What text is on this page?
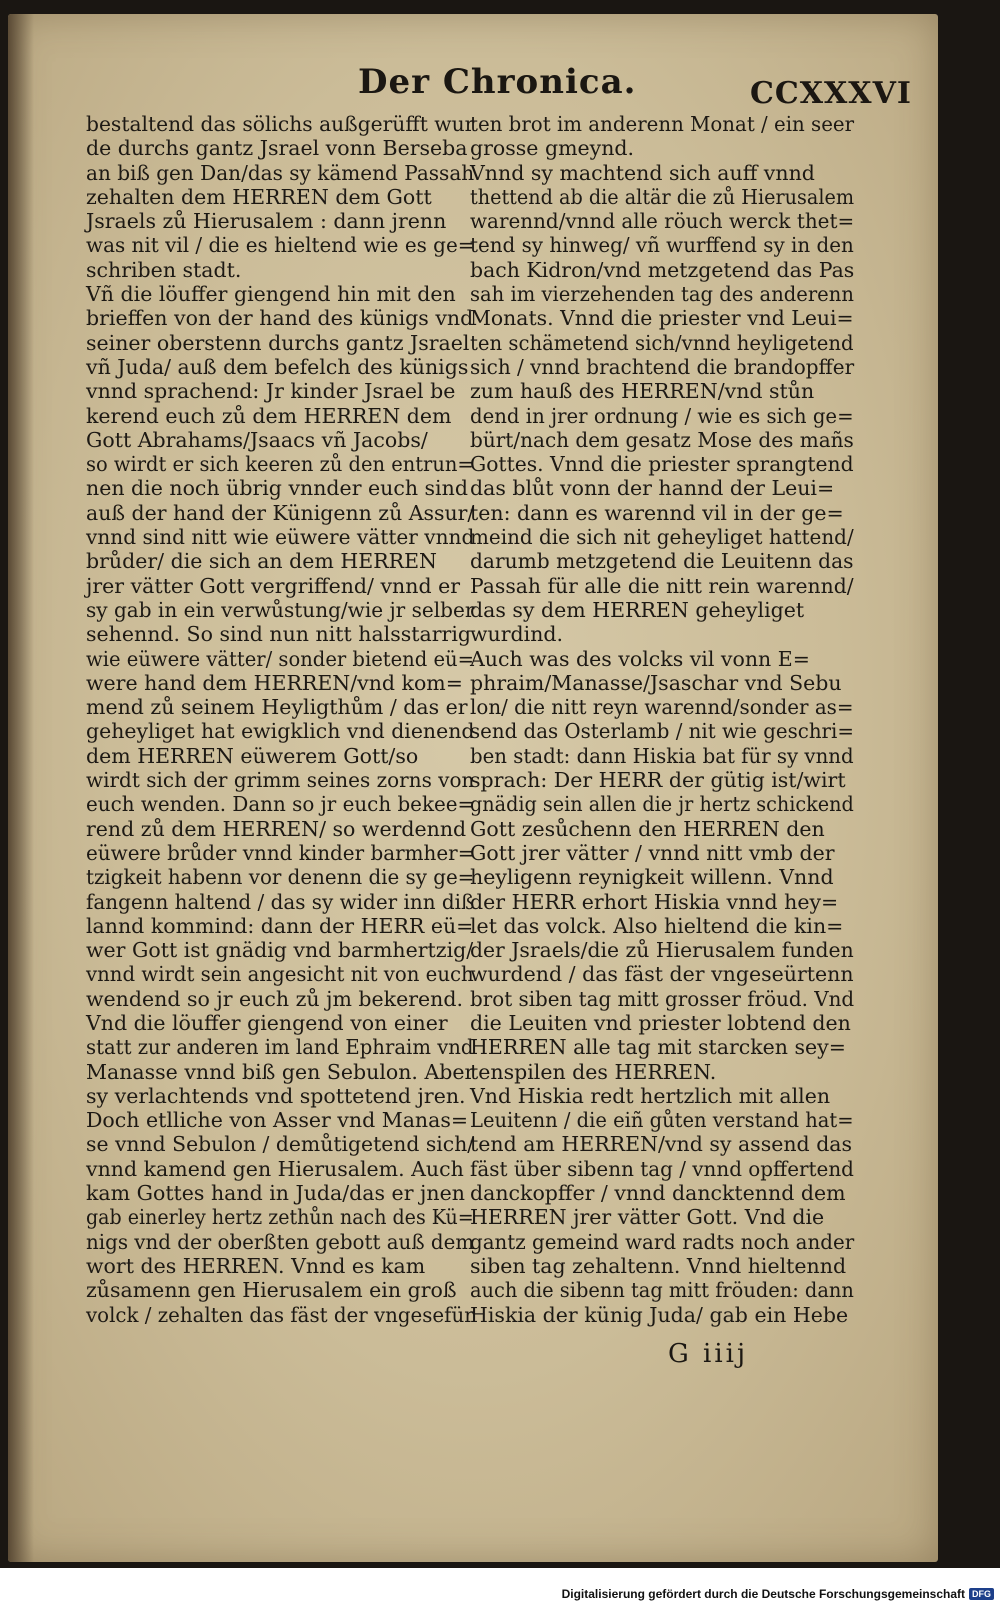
Der Chronica.	CCXXXVI
bestaltend das sölichs außgerüfft wur
de durchs gantz Jsrael vonn Berseba
an biß gen Dan/das sy kämend Passah
zehalten dem HERREN dem Gott
Jsraels zů Hierusalem : dann jrenn
was nit vil / die es hieltend wie es ge=
schriben stadt.
Vñ die löuffer giengend hin mit den
brieffen von der hand des künigs vnd
seiner oberstenn durchs gantz Jsrael
vñ Juda/ auß dem befelch des künigs
vnnd sprachend: Jr kinder Jsrael be
kerend euch zů dem HERREN dem
Gott Abrahams/Jsaacs vñ Jacobs/
so wirdt er sich keeren zů den entrun=
nen die noch übrig vnnder euch sind
auß der hand der Künigenn zů Assur/
vnnd sind nitt wie eüwere vätter vnnd
brůder/ die sich an dem HERREN
jrer vätter Gott vergriffend/ vnnd er
sy gab in ein verwůstung/wie jr selber
sehennd. So sind nun nitt halsstarrig
wie eüwere vätter/ sonder bietend eü=
were hand dem HERREN/vnd kom=
mend zů seinem Heyligthům / das er
geheyliget hat ewigklich vnd dienend
dem HERREN eüwerem Gott/so
wirdt sich der grimm seines zorns von
euch wenden. Dann so jr euch bekee=
rend zů dem HERREN/ so werdennd
eüwere brůder vnnd kinder barmher=
tzigkeit habenn vor denenn die sy ge=
fangenn haltend / das sy wider inn diß
lannd kommind: dann der HERR eü=
wer Gott ist gnädig vnd barmhertzig/
vnnd wirdt sein angesicht nit von euch
wendend so jr euch zů jm bekerend.
Vnd die löuffer giengend von einer
statt zur anderen im land Ephraim vnd
Manasse vnnd biß gen Sebulon. Aber
sy verlachtends vnd spottetend jren.
Doch etlliche von Asser vnd Manas=
se vnnd Sebulon / demůtigetend sich/
vnnd kamend gen Hierusalem. Auch
kam Gottes hand in Juda/das er jnen
gab einerley hertz zethůn nach des Kü=
nigs vnd der oberßten gebott auß dem
wort des HERREN. Vnnd es kam
zůsamenn gen Hierusalem ein groß
volck / zehalten das fäst der vngesefür
ten brot im anderenn Monat / ein seer
grosse gmeynd.
Vnnd sy machtend sich auff vnnd
thettend ab die altär die zů Hierusalem
warennd/vnnd alle röuch werck thet=
tend sy hinweg/ vñ wurffend sy in den
bach Kidron/vnd metzgetend das Pas
sah im vierzehenden tag des anderenn
Monats. Vnnd die priester vnd Leui=
ten schämetend sich/vnnd heyligetend
sich / vnnd brachtend die brandopffer
zum hauß des HERREN/vnd stůn
dend in jrer ordnung / wie es sich ge=
bürt/nach dem gesatz Mose des mañs
Gottes. Vnnd die priester sprangtend
das blůt vonn der hannd der Leui=
ten: dann es warennd vil in der ge=
meind die sich nit geheyliget hattend/
darumb metzgetend die Leuitenn das
Passah für alle die nitt rein warennd/
das sy dem HERREN geheyliget
wurdind.
Auch was des volcks vil vonn E=
phraim/Manasse/Jsaschar vnd Sebu
lon/ die nitt reyn warennd/sonder as=
send das Osterlamb / nit wie geschri=
ben stadt: dann Hiskia bat für sy vnnd
sprach: Der HERR der gütig ist/wirt
gnädig sein allen die jr hertz schickend
Gott zesůchenn den HERREN den
Gott jrer vätter / vnnd nitt vmb der
heyligenn reynigkeit willenn. Vnnd
der HERR erhort Hiskia vnnd hey=
let das volck. Also hieltend die kin=
der Jsraels/die zů Hierusalem funden
wurdend / das fäst der vngeseürtenn
brot siben tag mitt grosser fröud. Vnd
die Leuiten vnd priester lobtend den
HERREN alle tag mit starcken sey=
tenspilen des HERREN.
Vnd Hiskia redt hertzlich mit allen
Leuitenn / die eiñ gůten verstand hat=
tend am HERREN/vnd sy assend das
fäst über sibenn tag / vnnd opffertend
danckopffer / vnnd dancktennd dem
HERREN jrer vätter Gott. Vnd die
gantz gemeind ward radts noch ander
siben tag zehaltenn. Vnnd hieltennd
auch die sibenn tag mitt fröuden: dann
Hiskia der künig Juda/ gab ein Hebe
G iiij
Digitalisierung gefördert durch die Deutsche Forschungsgemeinschaft DFG
